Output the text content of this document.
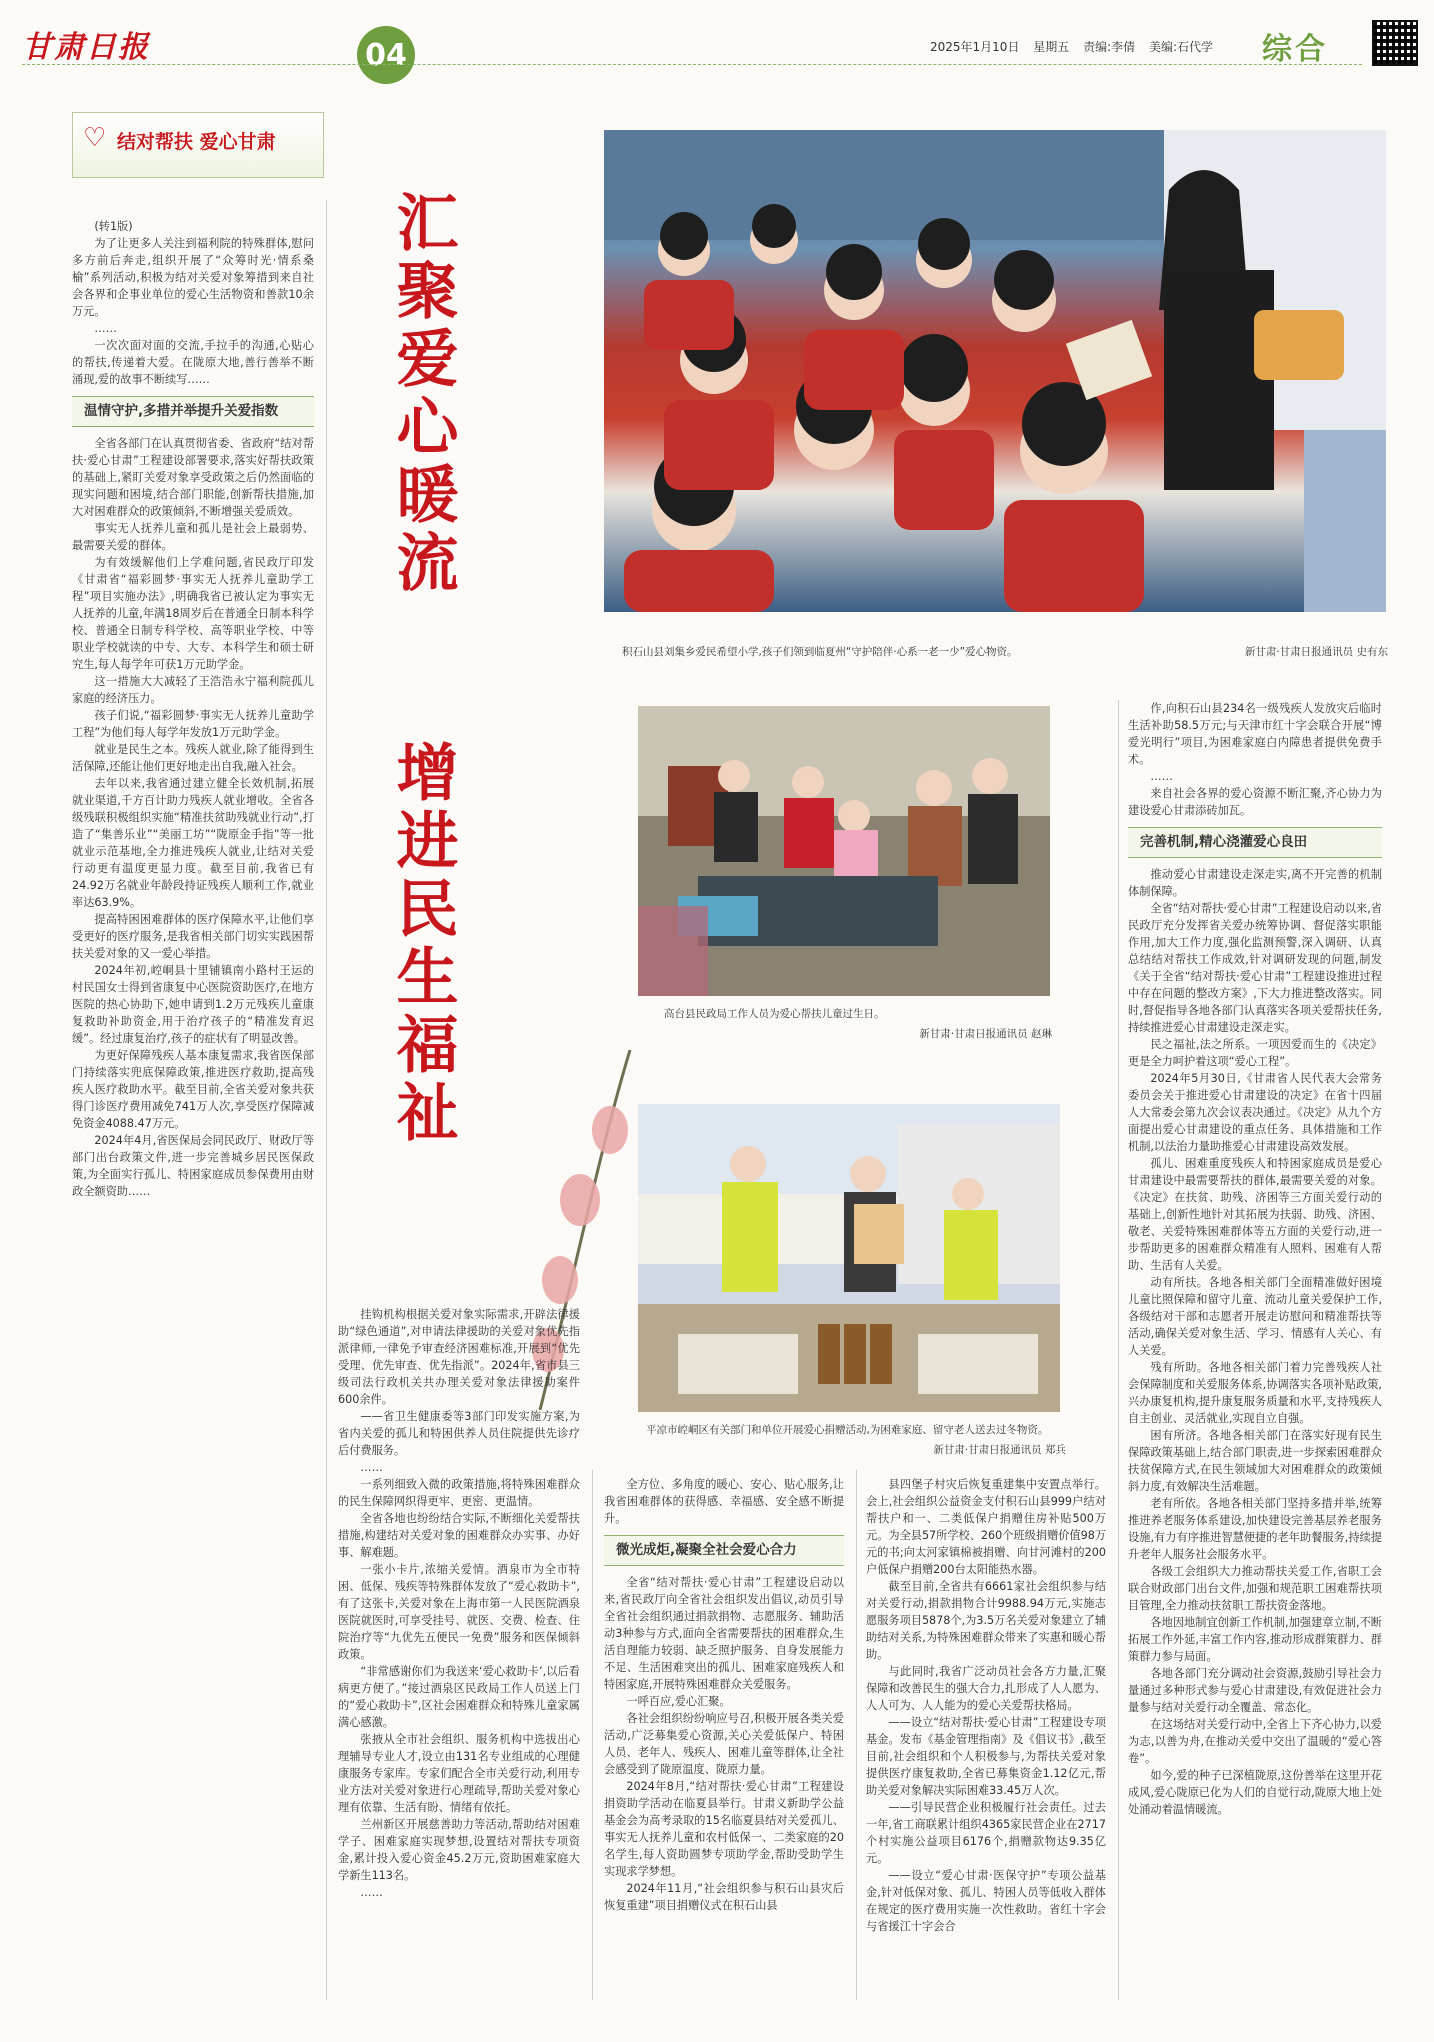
甘肃日报	04	2025年1月10日 星期五 责编:李倩 美编:石代学	综合
♡ 结对帮扶 爱心甘肃
汇聚爱心暖流
增进民生福祉
积石山县刘集乡爱民希望小学,孩子们领到临夏州“守护陪伴·心系一老一少”爱心物资。	新甘肃·甘肃日报通讯员 史有东
高台县民政局工作人员为爱心帮扶儿童过生日。
新甘肃·甘肃日报通讯员 赵琳
平凉市崆峒区有关部门和单位开展爱心捐赠活动,为困难家庭、留守老人送去过冬物资。
新甘肃·甘肃日报通讯员 郑兵

(转1版)

为了让更多人关注到福利院的特殊群体,慰问多方前后奔走,组织开展了“众筹时光·情系桑榆”系列活动,积极为结对关爱对象筹措到来自社会各界和企事业单位的爱心生活物资和善款10余万元。

……

一次次面对面的交流,手拉手的沟通,心贴心的帮扶,传递着大爱。在陇原大地,善行善举不断涌现,爱的故事不断续写……

温情守护,多措并举提升关爱指数

全省各部门在认真贯彻省委、省政府“结对帮扶·爱心甘肃”工程建设部署要求,落实好帮扶政策的基础上,紧盯关爱对象享受政策之后仍然面临的现实问题和困境,结合部门职能,创新帮扶措施,加大对困难群众的政策倾斜,不断增强关爱质效。

事实无人抚养儿童和孤儿是社会上最弱势、最需要关爱的群体。

为有效缓解他们上学难问题,省民政厅印发《甘肃省“福彩圆梦·事实无人抚养儿童助学工程”项目实施办法》,明确我省已被认定为事实无人抚养的儿童,年满18周岁后在普通全日制本科学校、普通全日制专科学校、高等职业学校、中等职业学校就读的中专、大专、本科学生和硕士研究生,每人每学年可获1万元助学金。

这一措施大大减轻了王浩浩永宁福利院孤儿家庭的经济压力。

孩子们说,“福彩圆梦·事实无人抚养儿童助学工程”为他们每人每学年发放1万元助学金。

就业是民生之本。残疾人就业,除了能得到生活保障,还能让他们更好地走出自我,融入社会。

去年以来,我省通过建立健全长效机制,拓展就业渠道,千方百计助力残疾人就业增收。全省各级残联积极组织实施“精准扶贫助残就业行动”,打造了“集善乐业”“美丽工坊”“陇原金手指”等一批就业示范基地,全力推进残疾人就业,让结对关爱行动更有温度更显力度。截至目前,我省已有24.92万名就业年龄段持证残疾人顺利工作,就业率达63.9%。

提高特困困难群体的医疗保障水平,让他们享受更好的医疗服务,是我省相关部门切实实践困帮扶关爱对象的又一爱心举措。

2024年初,崆峒县十里铺镇南小路村王运的村民国女士得到省康复中心医院资助医疗,在地方医院的热心协助下,她申请到1.2万元残疾儿童康复救助补助资金,用于治疗孩子的“精准发育迟缓”。经过康复治疗,孩子的症状有了明显改善。

为更好保障残疾人基本康复需求,我省医保部门持续落实兜底保障政策,推进医疗救助,提高残疾人医疗救助水平。截至目前,全省关爱对象共获得门诊医疗费用减免741万人次,享受医疗保障减免资金4088.47万元。

2024年4月,省医保局会同民政厅、财政厅等部门出台政策文件,进一步完善城乡居民医保政策,为全面实行孤儿、特困家庭成员参保费用由财政全额资助……

挂钩机构根据关爱对象实际需求,开辟法律援助“绿色通道”,对申请法律援助的关爱对象优先指派律师,一律免予审查经济困难标准,开展到“优先受理、优先审查、优先指派”。2024年,省市县三级司法行政机关共办理关爱对象法律援助案件600余件。

——省卫生健康委等3部门印发实施方案,为省内关爱的孤儿和特困供养人员住院提供先诊疗后付费服务。

……

一系列细致入微的政策措施,将特殊困难群众的民生保障网织得更牢、更密、更温情。

全省各地也纷纷结合实际,不断细化关爱帮扶措施,构建结对关爱对象的困难群众办实事、办好事、解难题。

一张小卡片,浓缩关爱情。酒泉市为全市特困、低保、残疾等特殊群体发放了“爱心救助卡”,有了这张卡,关爱对象在上海市第一人民医院酒泉医院就医时,可享受挂号、就医、交费、检查、住院治疗等“九优先五便民一免费”服务和医保倾斜政策。

“非常感谢你们为我送来‘爱心救助卡’,以后看病更方便了。”接过酒泉区民政局工作人员送上门的“爱心救助卡”,区社会困难群众和特殊儿童家属满心感激。

张掖从全市社会组织、服务机构中选拔出心理辅导专业人才,设立由131名专业组成的心理健康服务专家库。专家们配合全市关爱行动,利用专业方法对关爱对象进行心理疏导,帮助关爱对象心理有依靠、生活有盼、情绪有依托。

兰州新区开展慈善助力等活动,帮助结对困难学子、困难家庭实现梦想,设置结对帮扶专项资金,累计投入爱心资金45.2万元,资助困难家庭大学新生113名。

……

全方位、多角度的暖心、安心、贴心服务,让我省困难群体的获得感、幸福感、安全感不断提升。

微光成炬,凝聚全社会爱心合力

全省“结对帮扶·爱心甘肃”工程建设启动以来,省民政厅向全省社会组织发出倡议,动员引导全省社会组织通过捐款捐物、志愿服务、辅助活动3种参与方式,面向全省需要帮扶的困难群众,生活自理能力较弱、缺乏照护服务、自身发展能力不足、生活困难突出的孤儿、困难家庭残疾人和特困家庭,开展特殊困难群众关爱服务。

一呼百应,爱心汇聚。

各社会组织纷纷响应号召,积极开展各类关爱活动,广泛募集爱心资源,关心关爱低保户、特困人员、老年人、残疾人、困难儿童等群体,让全社会感受到了陇原温度、陇原力量。

2024年8月,“结对帮扶·爱心甘肃”工程建设捐资助学活动在临夏县举行。甘肃义新助学公益基金会为高考录取的15名临夏县结对关爱孤儿、事实无人抚养儿童和农村低保一、二类家庭的20名学生,每人资助圆梦专项助学金,帮助受助学生实现求学梦想。

2024年11月,“社会组织参与积石山县灾后恢复重建”项目捐赠仪式在积石山县

县四堡子村灾后恢复重建集中安置点举行。会上,社会组织公益资金支付积石山县999户结对帮扶户和一、二类低保户捐赠住房补贴500万元。为全县57所学校、260个班级捐赠价值98万元的书;向太河家镇棉被捐赠、向甘河滩村的200户低保户捐赠200台太阳能热水器。

截至目前,全省共有6661家社会组织参与结对关爱行动,捐款捐物合计9988.94万元,实施志愿服务项目5878个,为3.5万名关爱对象建立了辅助结对关系,为特殊困难群众带来了实惠和暖心帮助。

与此同时,我省广泛动员社会各方力量,汇聚保障和改善民生的强大合力,扎形成了人人愿为、人人可为、人人能为的爱心关爱帮扶格局。

——设立“结对帮扶·爱心甘肃”工程建设专项基金。发布《基金管理指南》及《倡议书》,截至目前,社会组织和个人积极参与,为帮扶关爱对象提供医疗康复救助,全省已募集资金1.12亿元,帮助关爱对象解决实际困难33.45万人次。

——引导民营企业积极履行社会责任。过去一年,省工商联累计组织4365家民营企业在2717个村实施公益项目6176个,捐赠款物达9.35亿元。

——设立“爱心甘肃·医保守护”专项公益基金,针对低保对象、孤儿、特困人员等低收入群体在规定的医疗费用实施一次性救助。省红十字会与省援江十字会合

作,向积石山县234名一级残疾人发放灾后临时生活补助58.5万元;与天津市红十字会联合开展“博爱光明行”项目,为困难家庭白内障患者提供免费手术。

……

来自社会各界的爱心资源不断汇聚,齐心协力为建设爱心甘肃添砖加瓦。

完善机制,精心浇灌爱心良田

推动爱心甘肃建设走深走实,离不开完善的机制体制保障。

全省“结对帮扶·爱心甘肃”工程建设启动以来,省民政厅充分发挥省关爱办统筹协调、督促落实职能作用,加大工作力度,强化监测预警,深入调研、认真总结结对帮扶工作成效,针对调研发现的问题,制发《关于全省“结对帮扶·爱心甘肃”工程建设推进过程中存在问题的整改方案》,下大力推进整改落实。同时,督促指导各地各部门认真落实各项关爱帮扶任务,持续推进爱心甘肃建设走深走实。

民之福祉,法之所系。一项因爱而生的《决定》更是全力呵护着这项“爱心工程”。

2024年5月30日,《甘肃省人民代表大会常务委员会关于推进爱心甘肃建设的决定》在省十四届人大常委会第九次会议表决通过。《决定》从九个方面提出爱心甘肃建设的重点任务、具体措施和工作机制,以法治力量助推爱心甘肃建设高效发展。

孤儿、困难重度残疾人和特困家庭成员是爱心甘肃建设中最需要帮扶的群体,最需要关爱的对象。《决定》在扶贫、助残、济困等三方面关爱行动的基础上,创新性地针对其拓展为扶弱、助残、济困、敬老、关爱特殊困难群体等五方面的关爱行动,进一步帮助更多的困难群众精准有人照料、困难有人帮助、生活有人关爱。

动有所扶。各地各相关部门全面精准做好困境儿童比照保障和留守儿童、流动儿童关爱保护工作,各级结对干部和志愿者开展走访慰问和精准帮扶等活动,确保关爱对象生活、学习、情感有人关心、有人关爱。

残有所助。各地各相关部门着力完善残疾人社会保障制度和关爱服务体系,协调落实各项补贴政策,兴办康复机构,提升康复服务质量和水平,支持残疾人自主创业、灵活就业,实现自立自强。

困有所济。各地各相关部门在落实好现有民生保障政策基础上,结合部门职责,进一步探索困难群众扶贫保障方式,在民生领域加大对困难群众的政策倾斜力度,有效解决生活难题。

老有所依。各地各相关部门坚持多措并举,统筹推进养老服务体系建设,加快建设完善基层养老服务设施,有力有序推进智慧便捷的老年助餐服务,持续提升老年人服务社会服务水平。

各级工会组织大力推动帮扶关爱工作,省职工会联合财政部门出台文件,加强和规范职工困难帮扶项目管理,全力推动扶贫职工帮扶资金落地。

各地因地制宜创新工作机制,加强建章立制,不断拓展工作外延,丰富工作内容,推动形成群策群力、群策群力参与局面。

各地各部门充分调动社会资源,鼓励引导社会力量通过多种形式参与爱心甘肃建设,有效促进社会力量参与结对关爱行动全覆盖、常态化。

在这场结对关爱行动中,全省上下齐心协力,以爱为志,以善为舟,在推动关爱中交出了温暖的“爱心答卷”。

如今,爱的种子已深植陇原,这份善举在这里开花成风,爱心陇原已化为人们的自觉行动,陇原大地上处处涌动着温情暖流。
